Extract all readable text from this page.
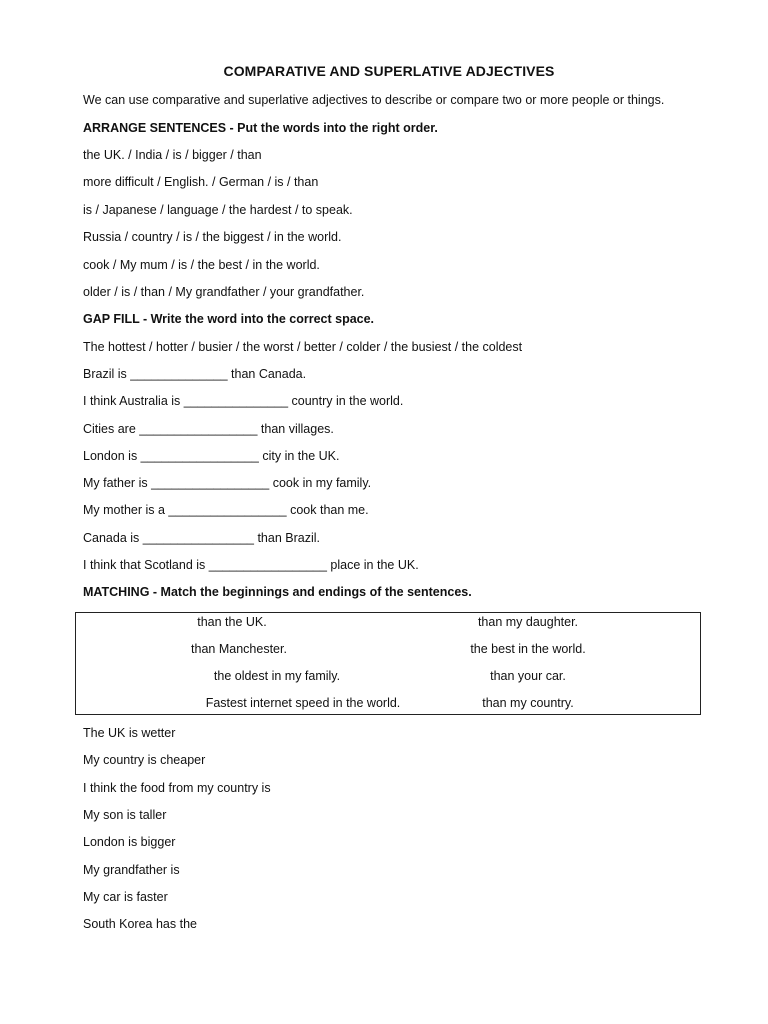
COMPARATIVE AND SUPERLATIVE ADJECTIVES
We can use comparative and superlative adjectives to describe or compare two or more people or things.
ARRANGE SENTENCES - Put the words into the right order.
the UK. / India / is / bigger / than
more difficult / English. / German / is / than
is / Japanese / language / the hardest / to speak.
Russia / country / is / the biggest / in the world.
cook / My mum / is / the best / in the world.
older / is / than / My grandfather / your grandfather.
GAP FILL - Write the word into the correct space.
The hottest / hotter / busier / the worst / better / colder / the busiest / the coldest
Brazil is ______________ than Canada.
I think Australia is _______________ country in the world.
Cities are _________________ than villages.
London is _________________ city in the UK.
My father is _________________ cook in my family.
My mother is a _________________ cook than me.
Canada is ________________ than Brazil.
I think that Scotland is _________________ place in the UK.
MATCHING - Match the beginnings and endings of the sentences.
than the UK.
than Manchester.
the oldest in my family.
Fastest internet speed in the world.
than my daughter.
the best in the world.
than your car.
than my country.
The UK is wetter
My country is cheaper
I think the food from my country is
My son is taller
London is bigger
My grandfather is
My car is faster
South Korea has the
